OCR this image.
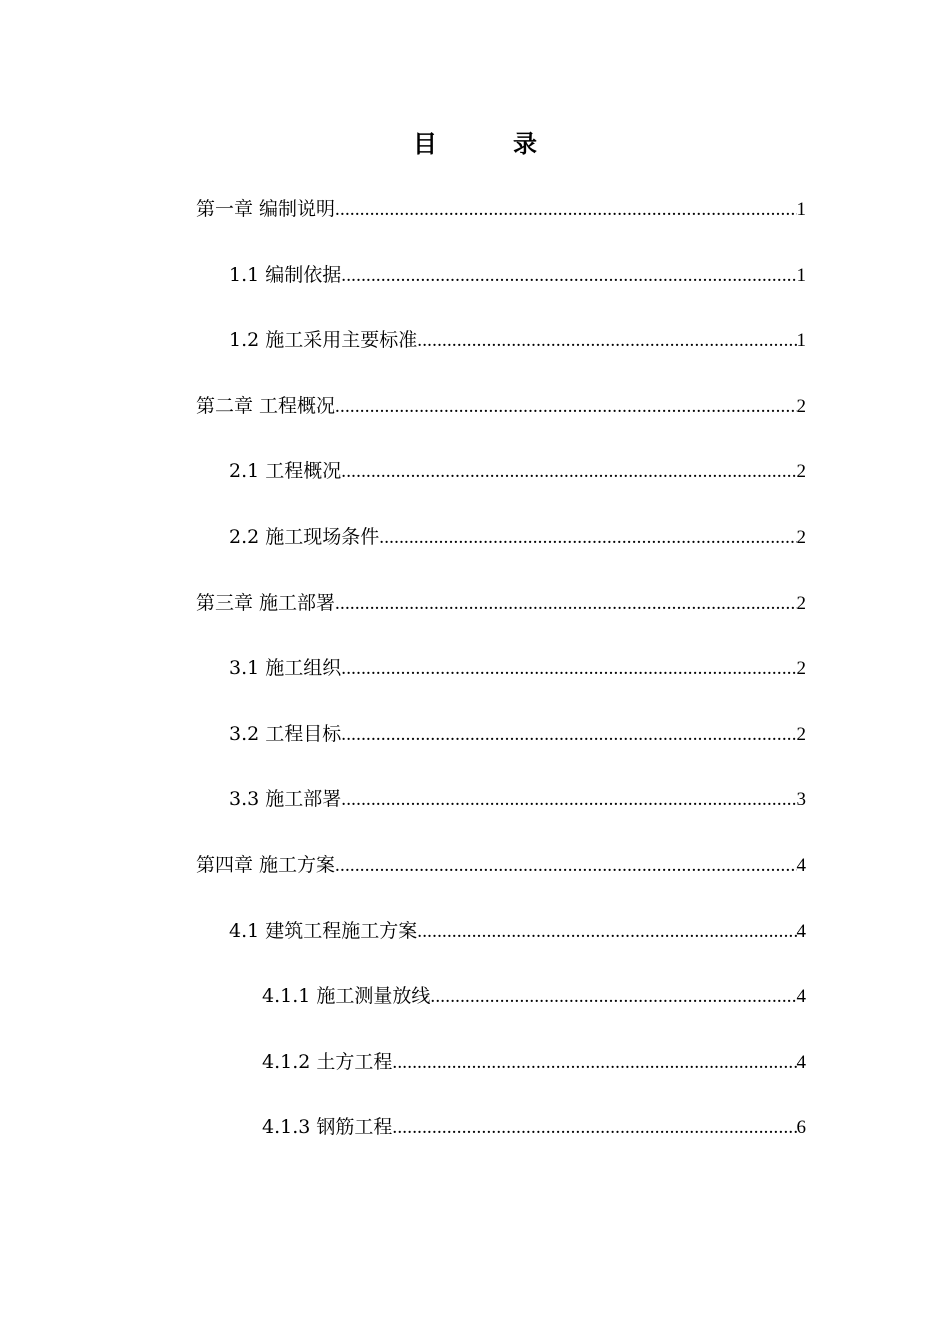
目　录
第一章 编制说明 .....	1
1.1 编制依据 .....	1
1.2 施工采用主要标准 .....	1
第二章 工程概况 .....	2
2.1 工程概况 .....	2
2.2 施工现场条件 .....	2
第三章 施工部署 .....	2
3.1 施工组织 .....	2
3.2 工程目标 .....	2
3.3 施工部署 .....	3
第四章 施工方案 .....	4
4.1 建筑工程施工方案 .....	4
4.1.1 施工测量放线 .....	4
4.1.2 土方工程 .....	4
4.1.3 钢筋工程 .....	6
